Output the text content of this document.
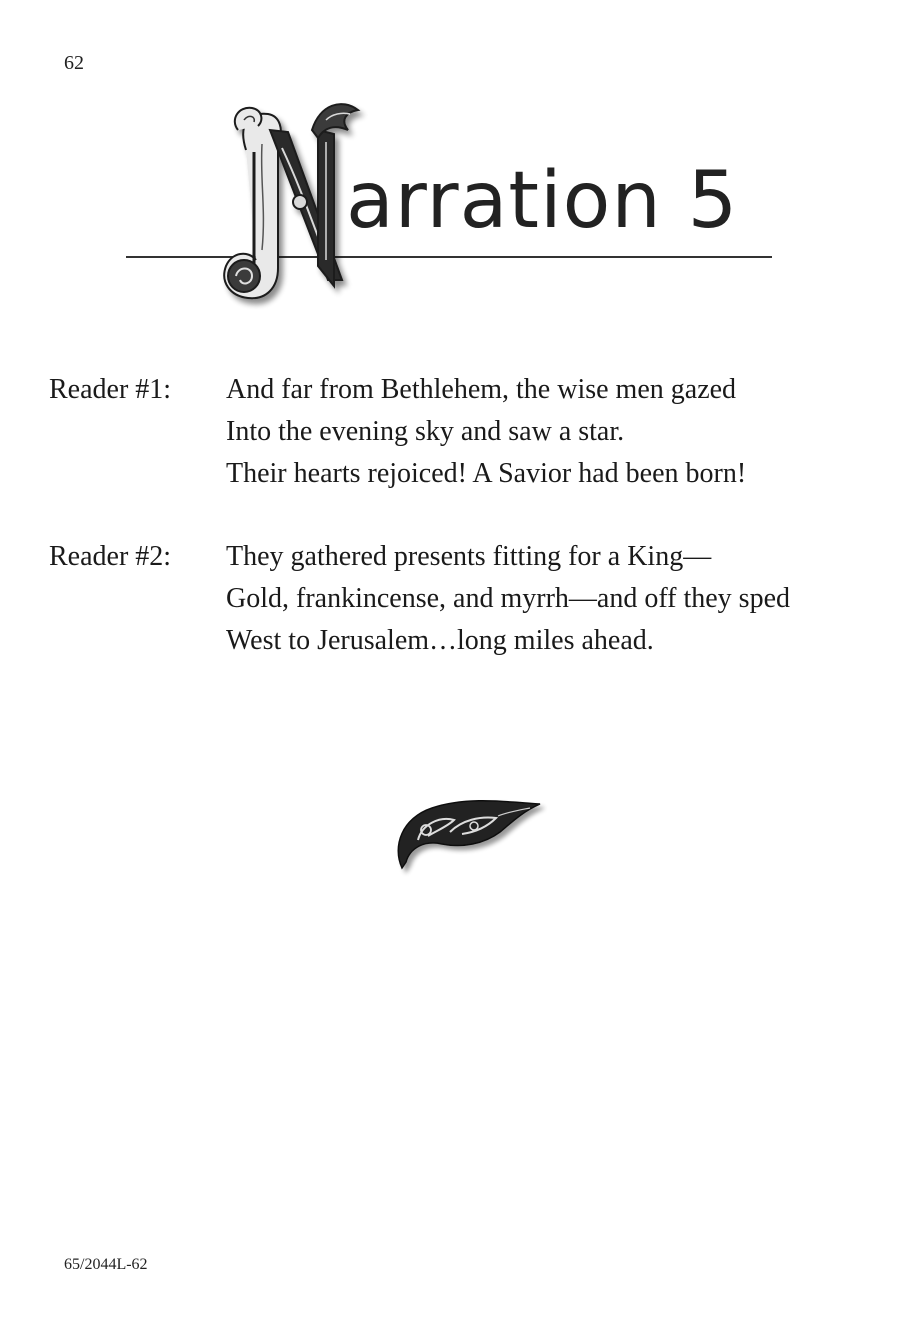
62
arration 5
Reader #1:	And far from Bethlehem, the wise men gazed
Into the evening sky and saw a star.
Their hearts rejoiced! A Savior had been born!
Reader #2:	They gathered presents fitting for a King—
Gold, frankincense, and myrrh—and off they sped
West to Jerusalem…long miles ahead.
65/2044L-62
